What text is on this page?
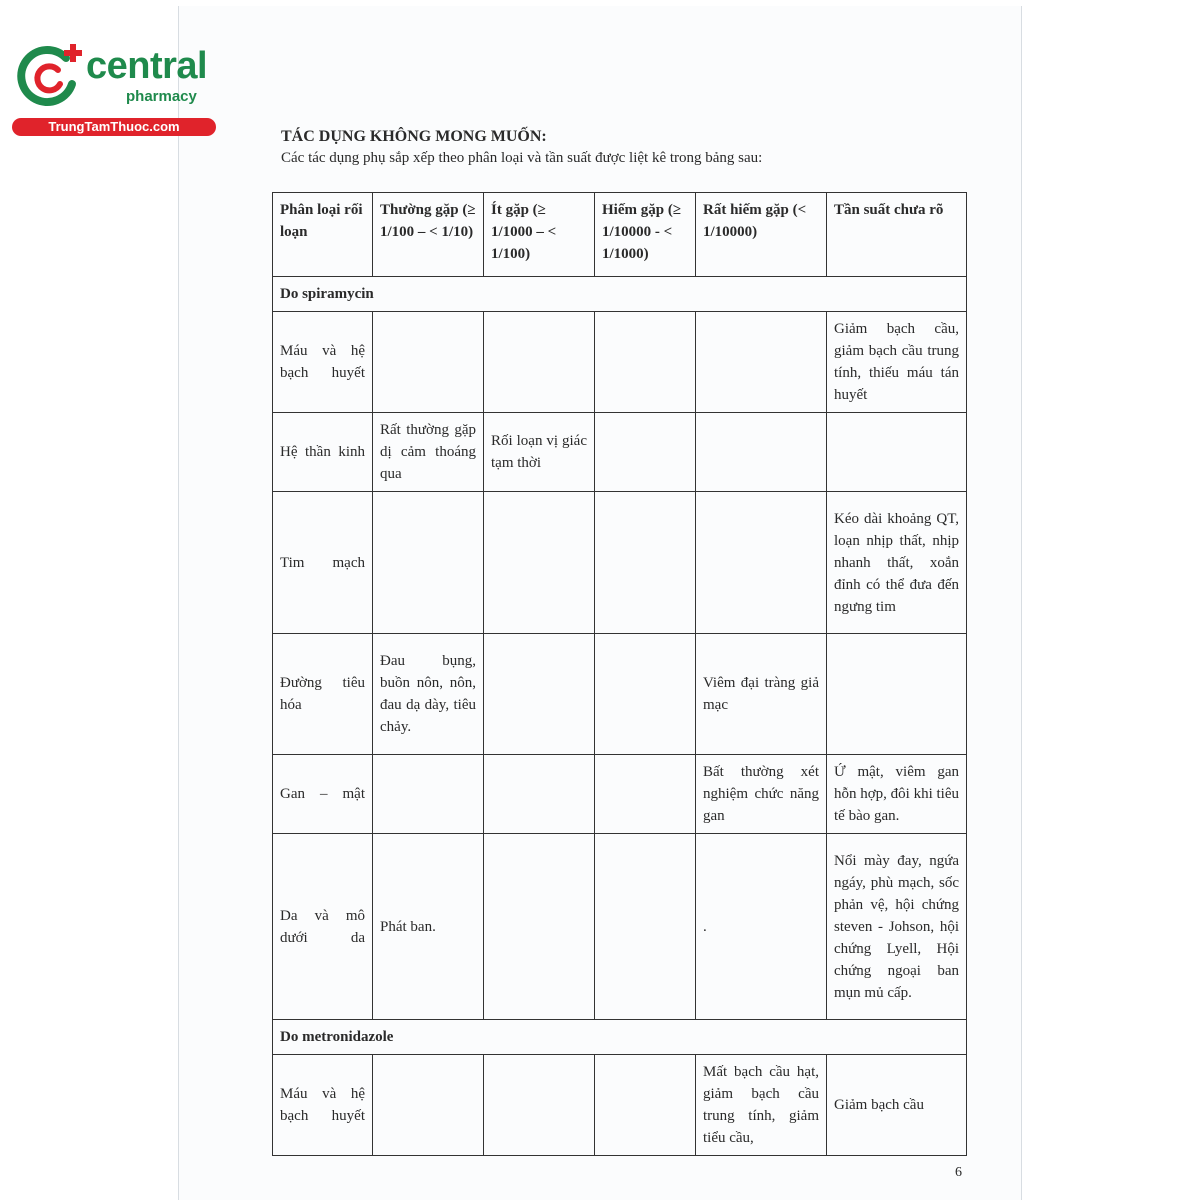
central
pharmacy
TrungTamThuoc.com
TÁC DỤNG KHÔNG MONG MUỐN:
Các tác dụng phụ sắp xếp theo phân loại và tần suất được liệt kê trong bảng sau:
Phân loại rối loạn	Thường gặp (≥ 1/100 – < 1/10)	Ít gặp (≥ 1/1000 – < 1/100)	Hiếm gặp (≥ 1/10000 - < 1/1000)	Rất hiếm gặp (< 1/10000)	Tần suất chưa rõ
Do spiramycin					
Máu và hệ bạch huyết					Giảm bạch cầu, giảm bạch cầu trung tính, thiếu máu tán huyết
Hệ thần kinh	Rất thường gặp dị cảm thoáng qua	Rối loạn vị giác tạm thời			
Tim mạch					Kéo dài khoảng QT, loạn nhịp thất, nhịp nhanh thất, xoắn đỉnh có thể đưa đến ngưng tim
Đường tiêu hóa	Đau bụng, buồn nôn, nôn, đau dạ dày, tiêu chảy.			Viêm đại tràng giả mạc	
Gan – mật				Bất thường xét nghiệm chức năng gan	Ứ mật, viêm gan hỗn hợp, đôi khi tiêu tế bào gan.
Da và mô dưới da	Phát ban.			.	Nổi mày đay, ngứa ngáy, phù mạch, sốc phản vệ, hội chứng steven - Johson, hội chứng Lyell, Hội chứng ngoại ban mụn mủ cấp.
Do metronidazole					
Máu và hệ bạch huyết				Mất bạch cầu hạt, giảm bạch cầu trung tính, giảm tiểu cầu,	Giảm bạch cầu
6
